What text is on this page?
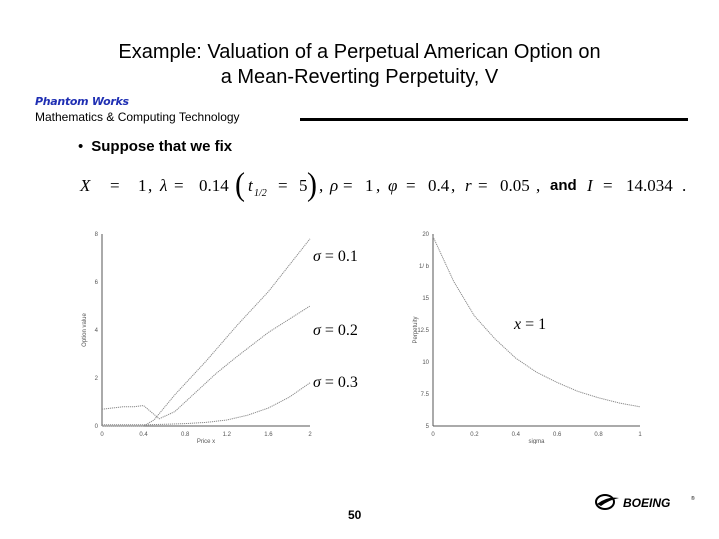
Example: Valuation of a Perpetual American Option on
a Mean-Reverting Perpetuity, V
Phantom Works
Mathematics & Computing Technology
• Suppose that we fix
X = 1 , λ = 0.14 ( t 1/2 = 5 ) , ρ = 1 , φ = 0.4 , r = 0.05 , and I = 14.034 .
0	0.4	0.8	1.2	1.6	2
0
2
4
6
8
Price x
Option value
0	0.2	0.4	0.6	0.8	1
5
7.5
10
12.5
15
1/ b
20
sigma
Perpetuity
σ = 0.1
σ = 0.2
σ = 0.3
x = 1
50
BOEING	®
